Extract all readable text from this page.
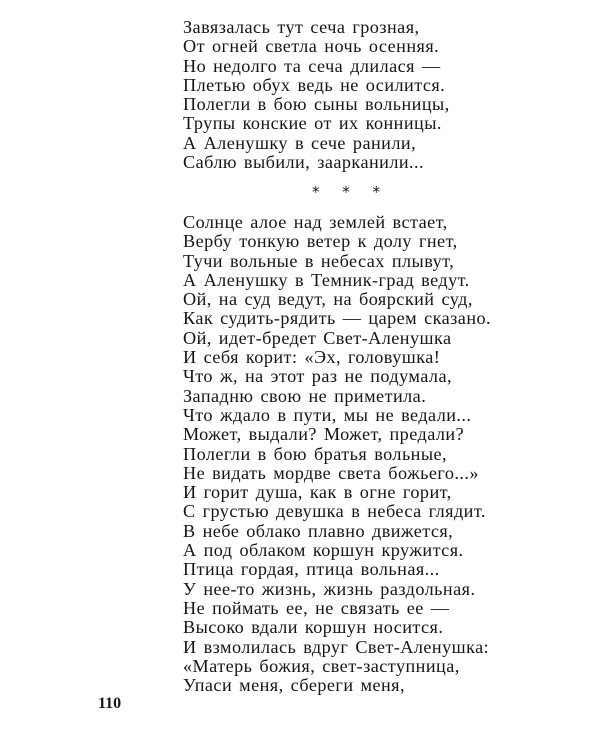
Завязалась тут сеча грозная,
От огней светла ночь осенняя.
Но недолго та сеча длилася —
Плетью обух ведь не осилится.
Полегли в бою сыны вольницы,
Трупы конские от их конницы.
А Аленушку в сече ранили,
Саблю выбили, заарканили...
* * *
Солнце алое над землей встает,
Вербу тонкую ветер к долу гнет,
Тучи вольные в небесах плывут,
А Аленушку в Темник-град ведут.
Ой, на суд ведут, на боярский суд,
Как судить-рядить — царем сказано.
Ой, идет-бредет Свет-Аленушка
И себя корит: «Эх, головушка!
Что ж, на этот раз не подумала,
Западню свою не приметила.
Что ждало в пути, мы не ведали...
Может, выдали? Может, предали?
Полегли в бою братья вольные,
Не видать мордве света божьего...»
И горит душа, как в огне горит,
С грустью девушка в небеса глядит.
В небе облако плавно движется,
А под облаком коршун кружится.
Птица гордая, птица вольная...
У нее-то жизнь, жизнь раздольная.
Не поймать ее, не связать ее —
Высоко вдали коршун носится.
И взмолилась вдруг Свет-Аленушка:
«Матерь божия, свет-заступница,
Упаси меня, сбереги меня,
110
